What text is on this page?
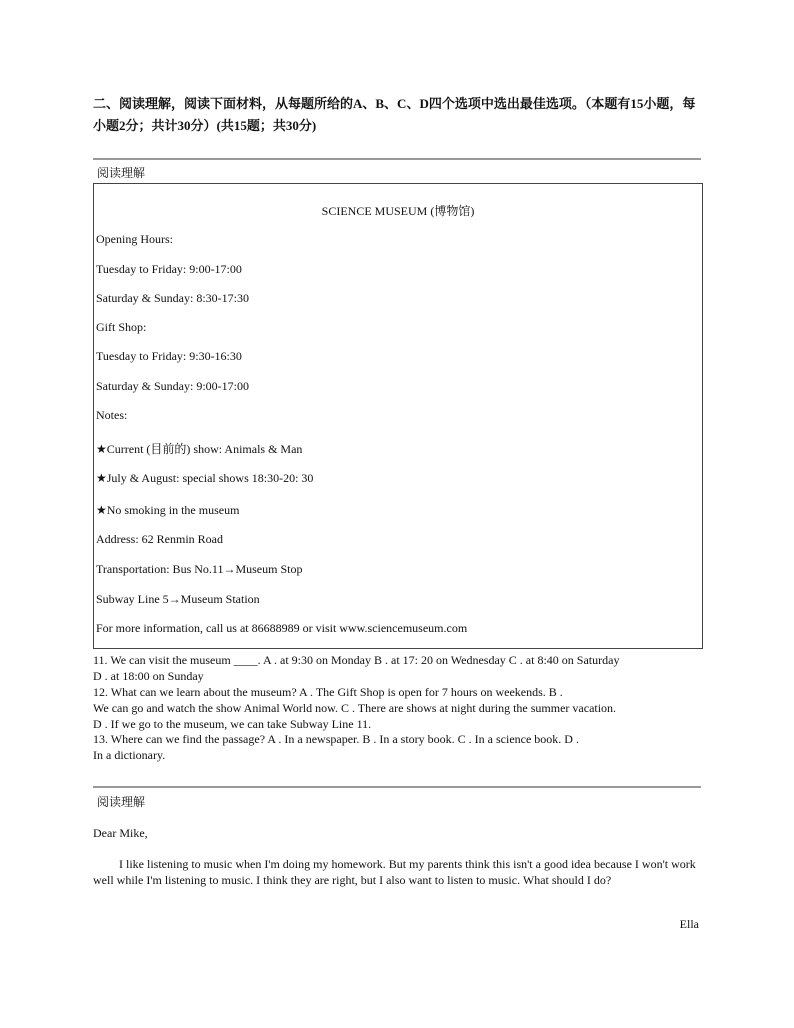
二、阅读理解，阅读下面材料，从每题所给的A、B、C、D四个选项中选出最佳选项。（本题有15小题，每小题2分；共计30分）(共15题；共30分)
阅读理解
SCIENCE MUSEUM (博物馆)
Opening Hours:
Tuesday to Friday: 9:00-17:00
Saturday & Sunday: 8:30-17:30
Gift Shop:
Tuesday to Friday: 9:30-16:30
Saturday & Sunday: 9:00-17:00
Notes:
★Current (目前的) show: Animals & Man
★July & August: special shows 18:30-20: 30
★No smoking in the museum
Address: 62 Renmin Road
Transportation: Bus No.11→Museum Stop
Subway Line 5→Museum Station
For more information, call us at 86688989 or visit www.sciencemuseum.com
11. We can visit the museum ____. A . at 9:30 on Monday B . at 17: 20 on Wednesday C . at 8:40 on Saturday
D . at 18:00 on Sunday
12. What can we learn about the museum? A . The Gift Shop is open for 7 hours on weekends. B .
We can go and watch the show Animal World now. C . There are shows at night during the summer vacation.
D . If we go to the museum, we can take Subway Line 11.
13. Where can we find the passage? A . In a newspaper. B . In a story book. C . In a science book. D .
In a dictionary.
阅读理解
Dear Mike,
I like listening to music when I'm doing my homework. But my parents think this isn't a good idea because I won't work well while I'm listening to music. I think they are right, but I also want to listen to music. What should I do?
Ella
